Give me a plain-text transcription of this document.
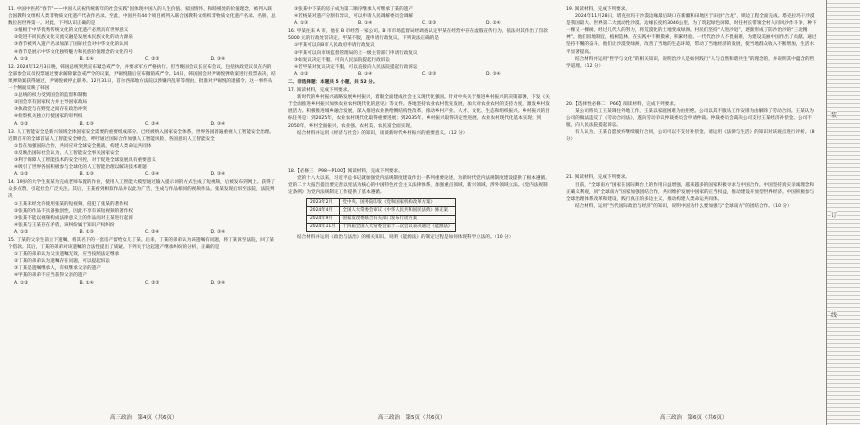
11. 中国中医药“春节”——中国人庆祝传统新年的社会实践”因体现中国人的人生价值、家国情怀、和睦相处的价值理念，被列入联合国教科文组织人类非物质文化遗产代表作名录。至此，中国共有44个项目被列入联合国教科文组织非物质文化遗产名录、名册，总数位居世界第一。对此，下列认识正确的是

①植根于中华优秀传统文化的文化遗产必然具有世界意义

②促进不同民族文化交流交融是发展本民族文化的动力源泉

③春节被列入遗产名录加深了国际社会对中华文化的认同

④春节是展示中华文化独特魅力和民族价值理念的文化符号

A. ①②	B. ①④	C. ②③	D. ③④

12. 2024年12月3日晚，韩国总统突然宣布紧急戒严令，并要求军方严格执行。但当晚国会议长宣布会议，包括执政党议员在内的全部参会议员投票通过要求解除紧急戒严令的议案，尹锡悦随后宣布撤销戒严令。14日，韩国国会对尹锡悦弹劾案进行投票表决，结果弹劾案获得通过，尹锡悦被停止职务。12月31日，首尔西部地方法院以涉嫌内乱罪等理由，批准对尹锡悦的逮捕令。这一事件从一个侧面反映了韩国

①总统的权力受到国会的监督和制衡

②国会享有国家权力并主导国家政局

③执政党与在野党之间存在政治冲突

④检察机关独立行使国家的审判权

A. ①②	B. ①③	C. ②④	D. ③④

13. 人工智能安全是新兴领域全体国家安全需要的重要组成部分。已经被纳入国家安全体系，世界各国普遍重视人工智能安全治理。近期召开的全球首届人工智能安全峰会，呼吁通过国际合作加强人工智能风险，各国意识人工智能安全

①旨在加强国际合作，共同应对全球安全挑战，构建人类命运共同体

②反映出国际社会认为，人工智能安全事关国家安全

③利于保障人工智能技术的安全可控，对于促进全球发展具有重要意义

④吸引了世界各国积极参与全球化的人工智能治理以解决技术难题

A. ①②	B. ①③	C. ②④	D. ③④

14. 19岁的大学生张某为完成老师布置的作业，使用人工智能大模型通过输入提示词的方式生成了短视频，后被发布到网上。获得了众多点赞，引起社会广泛关注。其后，王某看到相似作品并以此为广告，生成与作品相同的视频作品。张某发现后诉至法院，法院判决

①王某未经允许使用张某的短视频，侵犯了张某的著作权

②张某的作品不具备独创性，因此不享有该短视频的著作权

③张某不能以视频构成法律意义上的作品而对王某进行起诉

④张某与王某存在矛盾，该纠纷属于知识产权纠纷

A. ①②	B. ①③	C. ②④	D. ③④

15. 丁某的父亲生前立下遗嘱，将其名下的一套房产留给女儿丁某。后来，丁某的弟弟认为该遗嘱有问题，将丁某诉至法院，回了某个借款。其后，丁某的弟弟对该遗嘱的合法性提出了质疑。下列关于这起遗产继承纠纷的分析，正确的是

①丁某的弟弟认为父亲遗嘱无效，应当按照法定继承

②丁某的弟弟认为遗嘱存在问题，可以提起诉讼

③丁某是遗嘱继承人，有权继承父亲的遗产

④甲某的弟弟不应当获得父亲的遗产

A. ①②	B. ①④	C. ②③	D. ③④

③张某中下某的房子成为第二顺序继承人可继承丁某的遗产

④若杨某对遗产分割有异议，可以申请人民调解委员会调解

A. ①③	B. ①④	C. ②③	D. ②④

16. 甲某往来 A 市，他在 B 市经营一家公司。B 市市场监督局经调查认定甲某在经营中存在虚假宣传行为，依法对其作出了罚款 5000 元的行政处罚决定。甲某不服，遂申请行政复议。下列说法正确的是

①甲某可以向B市人民政府申请行政复议

②甲某可以向市场监督管理局的上一级主管部门申请行政复议

③如复议决定不服，可向人民法院提起行政诉讼

④若甲某对复议决定不服，可以直接向人民法院提起行政诉讼

A. ①②	B. ①④	C. ②③	D. ③④

二、非选择题：本题共 5 小题，共 52 分。

17. 阅读材料，完成下列要求。

新时代的乡村振兴战略发展乡村振兴，着眼全面建成社会主义现代化强国。针对中央关于推进乡村振兴的决策部署，下发《关于全面推进乡村振兴加快农业农村现代化的意见》等文件。各地坚持农业农村优先发展，加大对农业农村的支持力度，激发乡村发展活力。积极推进城乡融合发展，深入推进农业供给侧结构性改革，推动乡村产业、人才、文化、生态和组织振兴。乡村振兴的目标任务是：到2025年，农业农村现代化取得重要进展；到2035年，乡村振兴取得决定性进展，农业农村现代化基本实现；到2050年，乡村全面振兴，农业强、农村美、农民富全面实现。

结合材料并运用《经济与社会》的知识，谈谈新时代乡村振兴的重要意义。（12 分）

18.【必修三　P98—P100】阅读材料，完成下列要求。

党的十八大以来，习近平总书记就加强党内法规制度建设作出一系列重要论述，为新时代党内法规制度建设提供了根本遵循。党的二十大报告提出要完善以宪法为核心的中国特色社会主义法律体系，加强重点领域、新兴领域、涉外领域立法。《党内法规制定条例》为党内法规制定工作提供了基本遵循。

2023年2月	党中央、国务院印发《党和国家机构改革方案》
2024年4月	全国人大常委会审议《中华人民共和国民法典》修正案
2024年9月	国家发改委联合有关部门发布行动方案
2024年11月	十四届全国人大常委会第十二次会议表决通过《能源法》

结合材料并运用《政治与法治》的相关知识，说明《能源法》的制定过程是如何体现科学立法的。（10 分）

19. 阅读材料，完成下列要求。

2024年11月28日，塔克拉玛干沙漠边缘最后缺口在新疆和田地区于田县“合龙”，锁边工程全面完成。塔克拉玛干沙漠是我国最大、世界第二大流动性沙漠。边缘长度约3046公里，为了筑起绿色屏障，时任村长带领全村人同风沙作斗争，种下一棵又一棵树。经过几代人的努力，将荒漠化的土地变成绿洲。村民们坚持“人进沙退”，逐渐形成了防沙治沙的“三北精神”。他们因地制宜，植树造林，在实践中不断摸索，积累经验。一代代治沙人不畏艰难，为建设美丽中国作出了贡献。通过坚持不懈的奋斗，他们让沙漠变绿洲，改善了当地的生态环境，带动了当地经济的发展，使当地群众收入不断增加，生活水平显著提高。

结合材料并运用“哲学与文化”的相关知识，说明治沙人是如何践行“人与自然和谐共生”的理念的，并说明其中蕴含的哲学道理。（12 分）

20.【选择性必修二　P66】阅读材料，完成下列要求。

某公司将员工王某调往外地工作，王某以家庭困难为由拒绝。公司以其不服从工作安排为由解除了劳动合同。王某认为公司的做法违反了《劳动合同法》，遂向劳动争议仲裁委员会申请仲裁。仲裁委员会裁决公司支付王某经济补偿金。公司不服，向人民法院提起诉讼。

有人认为，王某自愿放弃继续履行合同，公司可以不支付补偿金。请运用《法律与生活》的知识对该观点进行评析。（8 分）

21. 阅读材料，完成下列要求。

目前，“全球南方”国家在国际舞台上的作用日益增强，越来越多的国家积极寻求与中国合作。中国坚持真实亲诚理念和正确义利观，同“全球南方”国家加强团结合作，共同维护发展中国家的正当权益，推动建设开放型世界经济。中国积极参与全球治理体系改革和建设，践行真正的多边主义，推动构建人类命运共同体。

结合材料，运用“当代国际政治与经济”的知识，说明中国为什么要加强与“全球南方”的团结合作。（10 分）

高三政治　第4页（共6页）	高三政治　第5页（共6页）	高三政治　第6页（共6页）
装
订
线
